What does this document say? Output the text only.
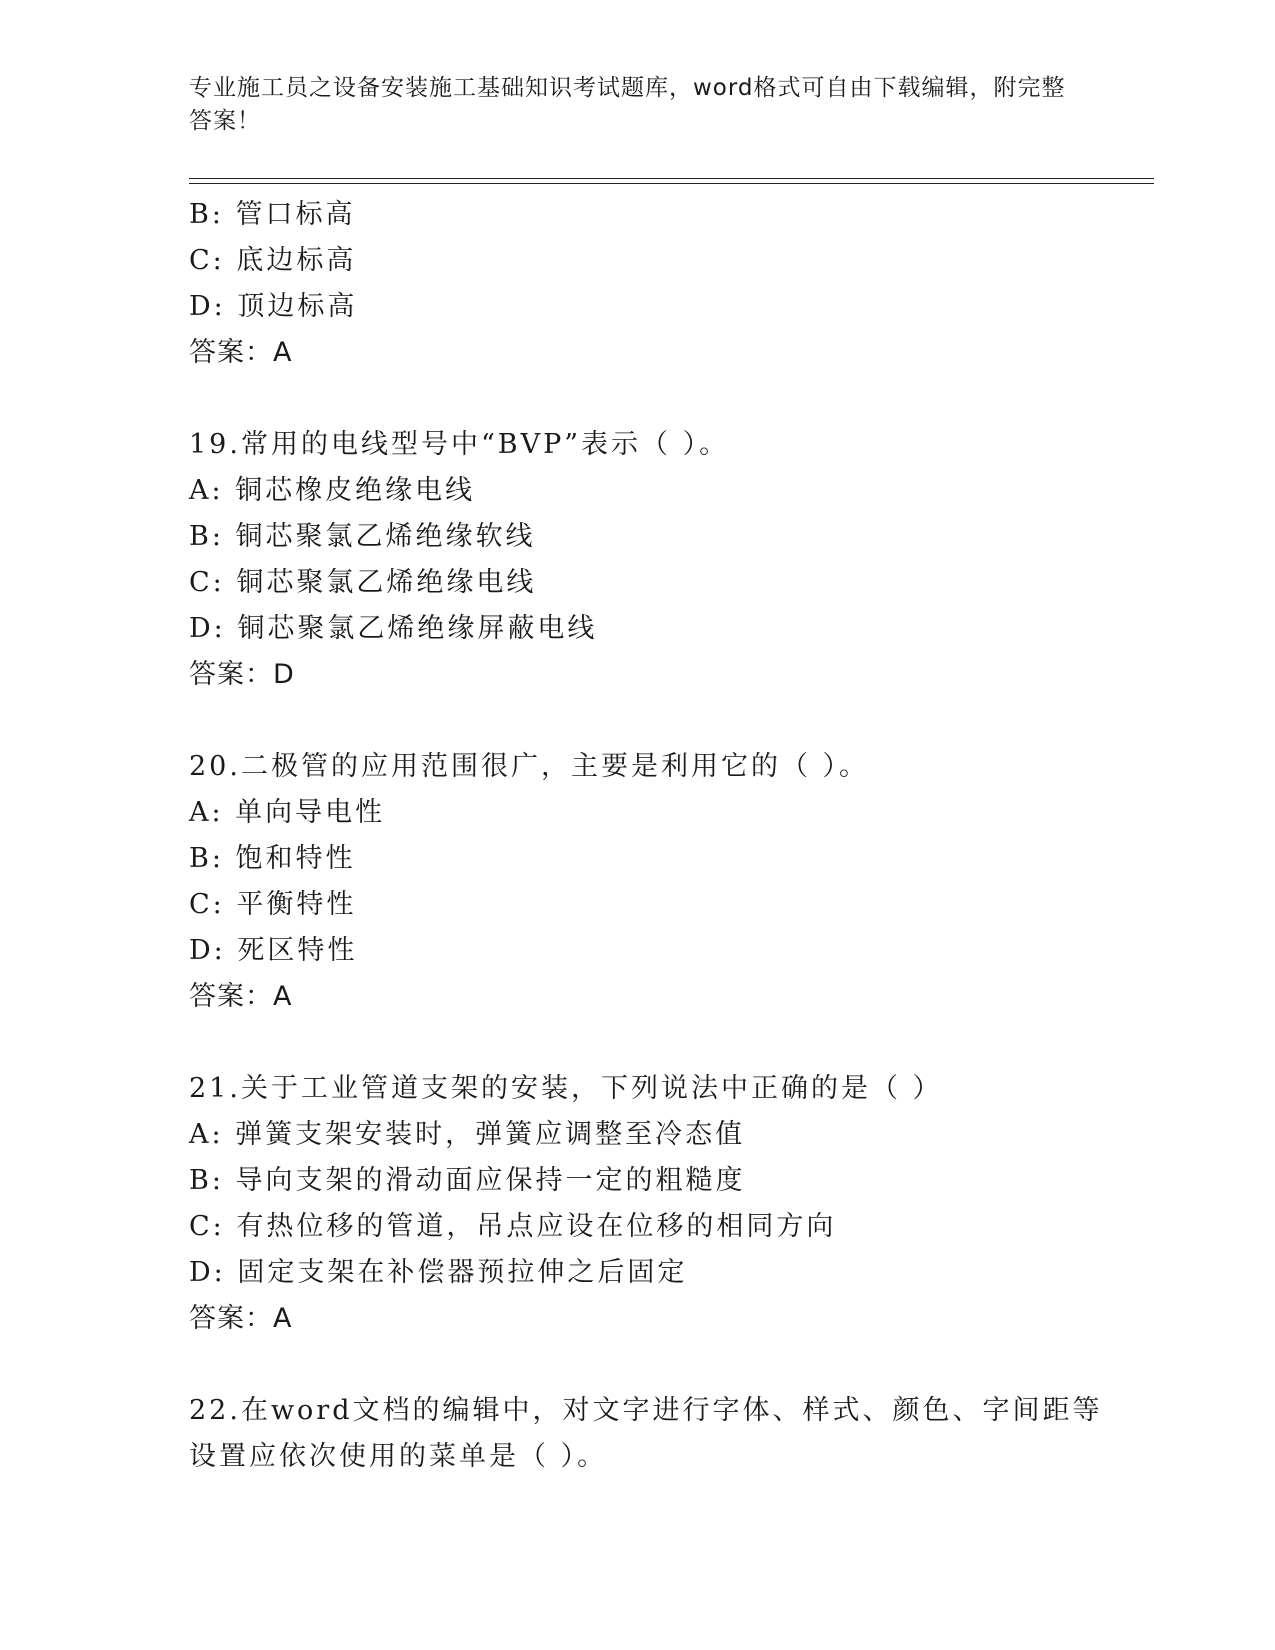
专业施工员之设备安装施工基础知识考试题库，word格式可自由下载编辑，附完整答案！
B: 管口标高
C: 底边标高
D: 顶边标高
答案：A
19.常用的电线型号中“BVP”表示（ ）。
A: 铜芯橡皮绝缘电线
B: 铜芯聚氯乙烯绝缘软线
C: 铜芯聚氯乙烯绝缘电线
D: 铜芯聚氯乙烯绝缘屏蔽电线
答案：D
20.二极管的应用范围很广，主要是利用它的（ ）。
A: 单向导电性
B: 饱和特性
C: 平衡特性
D: 死区特性
答案：A
21.关于工业管道支架的安装，下列说法中正确的是（ ）
A: 弹簧支架安装时，弹簧应调整至冷态值
B: 导向支架的滑动面应保持一定的粗糙度
C: 有热位移的管道，吊点应设在位移的相同方向
D: 固定支架在补偿器预拉伸之后固定
答案：A
22.在word文档的编辑中，对文字进行字体、样式、颜色、字间距等
设置应依次使用的菜单是（ ）。
